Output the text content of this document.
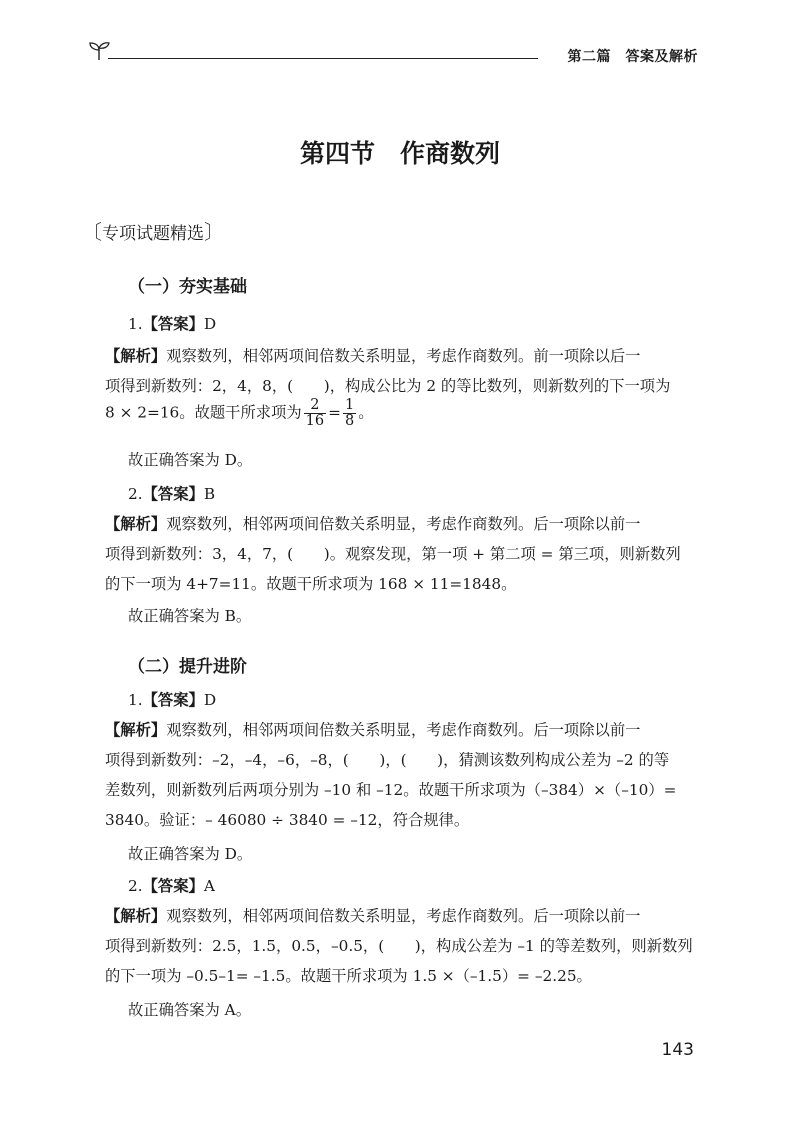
第二篇　答案及解析
第四节　作商数列
〔专项试题精选〕
（一）夯实基础
1.【答案】D
【解析】观察数列，相邻两项间倍数关系明显，考虑作商数列。前一项除以后一
项得到新数列：2，4，8，(　　)，构成公比为 2 的等比数列，则新数列的下一项为
8 × 2=16。故题干所求项为 $\frac{2}{16} = \frac{1}{8}$ 。
故正确答案为 D。
2.【答案】B
【解析】观察数列，相邻两项间倍数关系明显，考虑作商数列。后一项除以前一
项得到新数列：3，4，7，(　　)。观察发现，第一项 + 第二项 = 第三项，则新数列
的下一项为 4+7=11。故题干所求项为 168 × 11=1848。
故正确答案为 B。
（二）提升进阶
1.【答案】D
【解析】观察数列，相邻两项间倍数关系明显，考虑作商数列。后一项除以前一
项得到新数列：–2，–4，–6，–8，(　　)，(　　)，猜测该数列构成公差为 –2 的等
差数列，则新数列后两项分别为 –10 和 –12。故题干所求项为（–384）×（–10）=
3840。验证：– 46080 ÷ 3840 = –12，符合规律。
故正确答案为 D。
2.【答案】A
【解析】观察数列，相邻两项间倍数关系明显，考虑作商数列。后一项除以前一
项得到新数列：2.5，1.5，0.5，–0.5，(　　)，构成公差为 –1 的等差数列，则新数列
的下一项为 –0.5–1= –1.5。故题干所求项为 1.5 ×（–1.5）= –2.25。
故正确答案为 A。
143
